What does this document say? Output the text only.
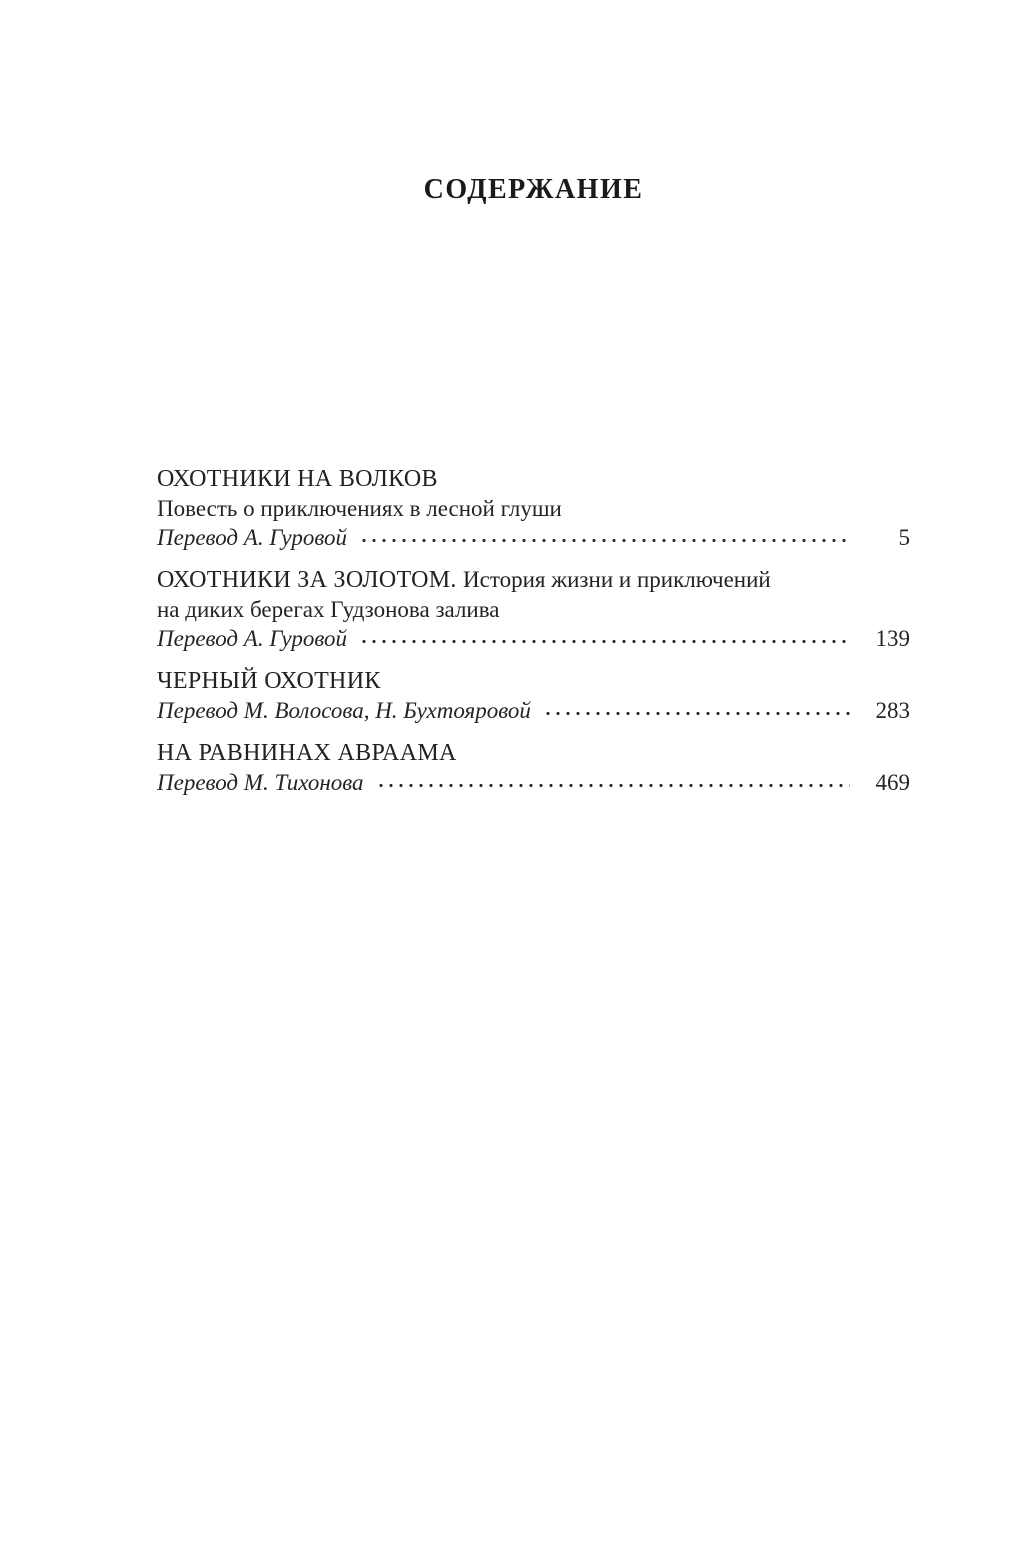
СОДЕРЖАНИЕ
ОХОТНИКИ НА ВОЛКОВ
Повесть о приключениях в лесной глуши
Перевод А. Гуровой	5
ОХОТНИКИ ЗА ЗОЛОТОМ. История жизни и приключений
на диких берегах Гудзонова залива
Перевод А. Гуровой	139
ЧЕРНЫЙ ОХОТНИК
Перевод М. Волосова, Н. Бухтояровой	283
НА РАВНИНАХ АВРААМА
Перевод М. Тихонова	469
